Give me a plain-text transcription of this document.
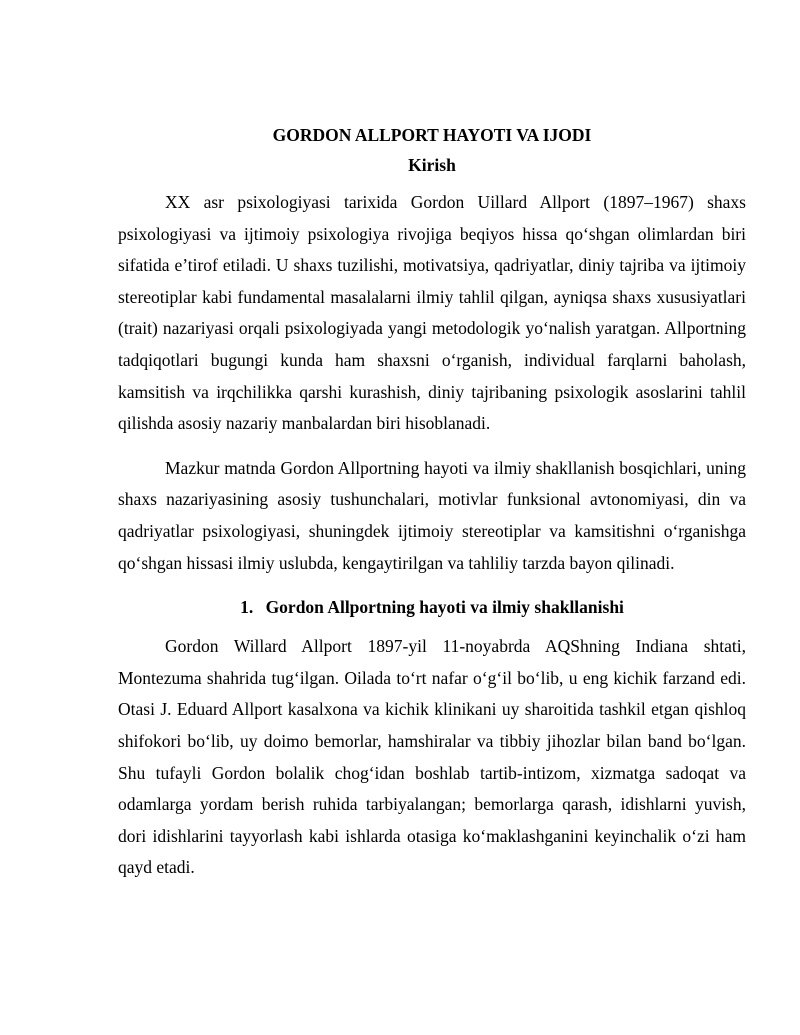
GORDON ALLPORT HAYOTI VA IJODI
Kirish

XX asr psixologiyasi tarixida Gordon Uillard Allport (1897–1967) shaxs psixologiyasi va ijtimoiy psixologiya rivojiga beqiyos hissa qo‘shgan olimlardan biri sifatida e’tirof etiladi. U shaxs tuzilishi, motivatsiya, qadriyatlar, diniy tajriba va ijtimoiy stereotiplar kabi fundamental masalalarni ilmiy tahlil qilgan, ayniqsa shaxs xususiyatlari (trait) nazariyasi orqali psixologiyada yangi metodologik yo‘nalish yaratgan. Allportning tadqiqotlari bugungi kunda ham shaxsni o‘rganish, individual farqlarni baholash, kamsitish va irqchilikka qarshi kurashish, diniy tajribaning psixologik asoslarini tahlil qilishda asosiy nazariy manbalardan biri hisoblanadi.

Mazkur matnda Gordon Allportning hayoti va ilmiy shakllanish bosqichlari, uning shaxs nazariyasining asosiy tushunchalari, motivlar funksional avtonomiyasi, din va qadriyatlar psixologiyasi, shuningdek ijtimoiy stereotiplar va kamsitishni o‘rganishga qo‘shgan hissasi ilmiy uslubda, kengaytirilgan va tahliliy tarzda bayon qilinadi.

1. Gordon Allportning hayoti va ilmiy shakllanishi

Gordon Willard Allport 1897-yil 11-noyabrda AQShning Indiana shtati, Montezuma shahrida tug‘ilgan. Oilada to‘rt nafar o‘g‘il bo‘lib, u eng kichik farzand edi. Otasi J. Eduard Allport kasalxona va kichik klinikani uy sharoitida tashkil etgan qishloq shifokori bo‘lib, uy doimo bemorlar, hamshiralar va tibbiy jihozlar bilan band bo‘lgan. Shu tufayli Gordon bolalik chog‘idan boshlab tartib-intizom, xizmatga sadoqat va odamlarga yordam berish ruhida tarbiyalangan; bemorlarga qarash, idishlarni yuvish, dori idishlarini tayyorlash kabi ishlarda otasiga ko‘maklashganini keyinchalik o‘zi ham qayd etadi.
